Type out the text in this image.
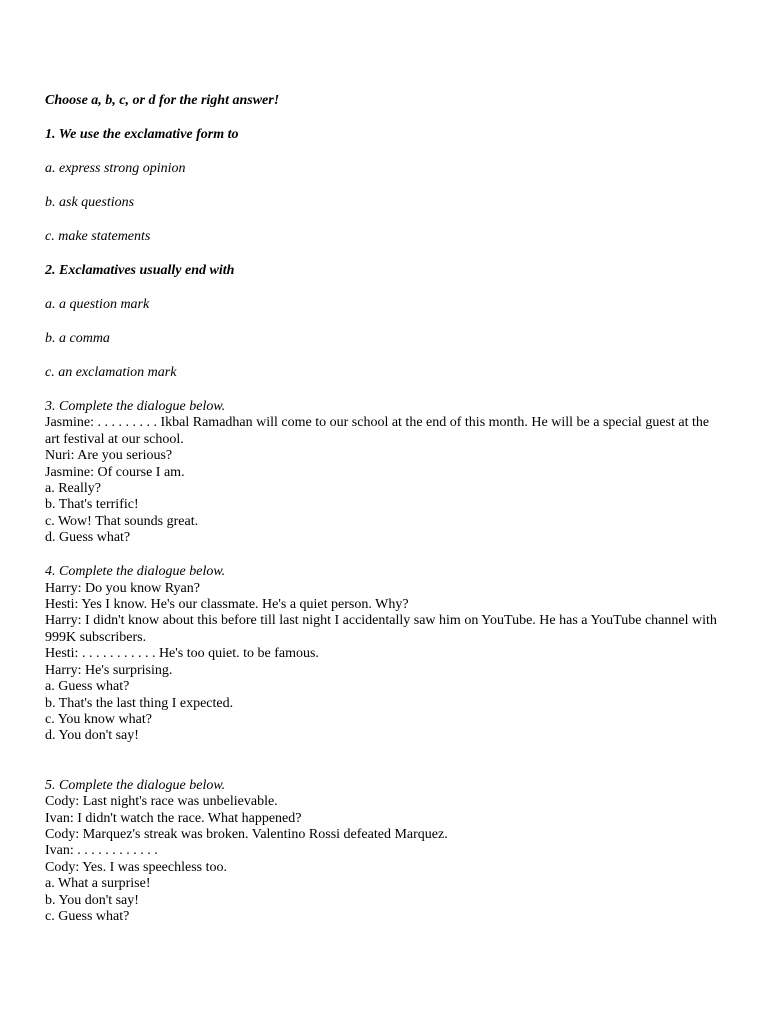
Choose a, b, c, or d for the right answer!
1. We use the exclamative form to
a. express strong opinion
b. ask questions
c. make statements
2. Exclamatives usually end with
a. a question mark
b. a comma
c. an exclamation mark
3. Complete the dialogue below.
Jasmine: . . . . . . . . . Ikbal Ramadhan will come to our school at the end of this month. He will be a special guest at the art festival at our school.
Nuri: Are you serious?
Jasmine: Of course I am.
a. Really?
b. That's terrific!
c. Wow! That sounds great.
d. Guess what?
4. Complete the dialogue below.
Harry: Do you know Ryan?
Hesti: Yes I know. He's our classmate. He's a quiet person. Why?
Harry: I didn't know about this before till last night I accidentally saw him on YouTube. He has a YouTube channel with 999K subscribers.
Hesti: . . . . . . . . . . . He's too quiet. to be famous.
Harry: He's surprising.
a. Guess what?
b. That's the last thing I expected.
c. You know what?
d. You don't say!
5. Complete the dialogue below.
Cody: Last night's race was unbelievable.
Ivan: I didn't watch the race. What happened?
Cody: Marquez's streak was broken. Valentino Rossi defeated Marquez.
Ivan: . . . . . . . . . . . .
Cody: Yes. I was speechless too.
a. What a surprise!
b. You don't say!
c. Guess what?
